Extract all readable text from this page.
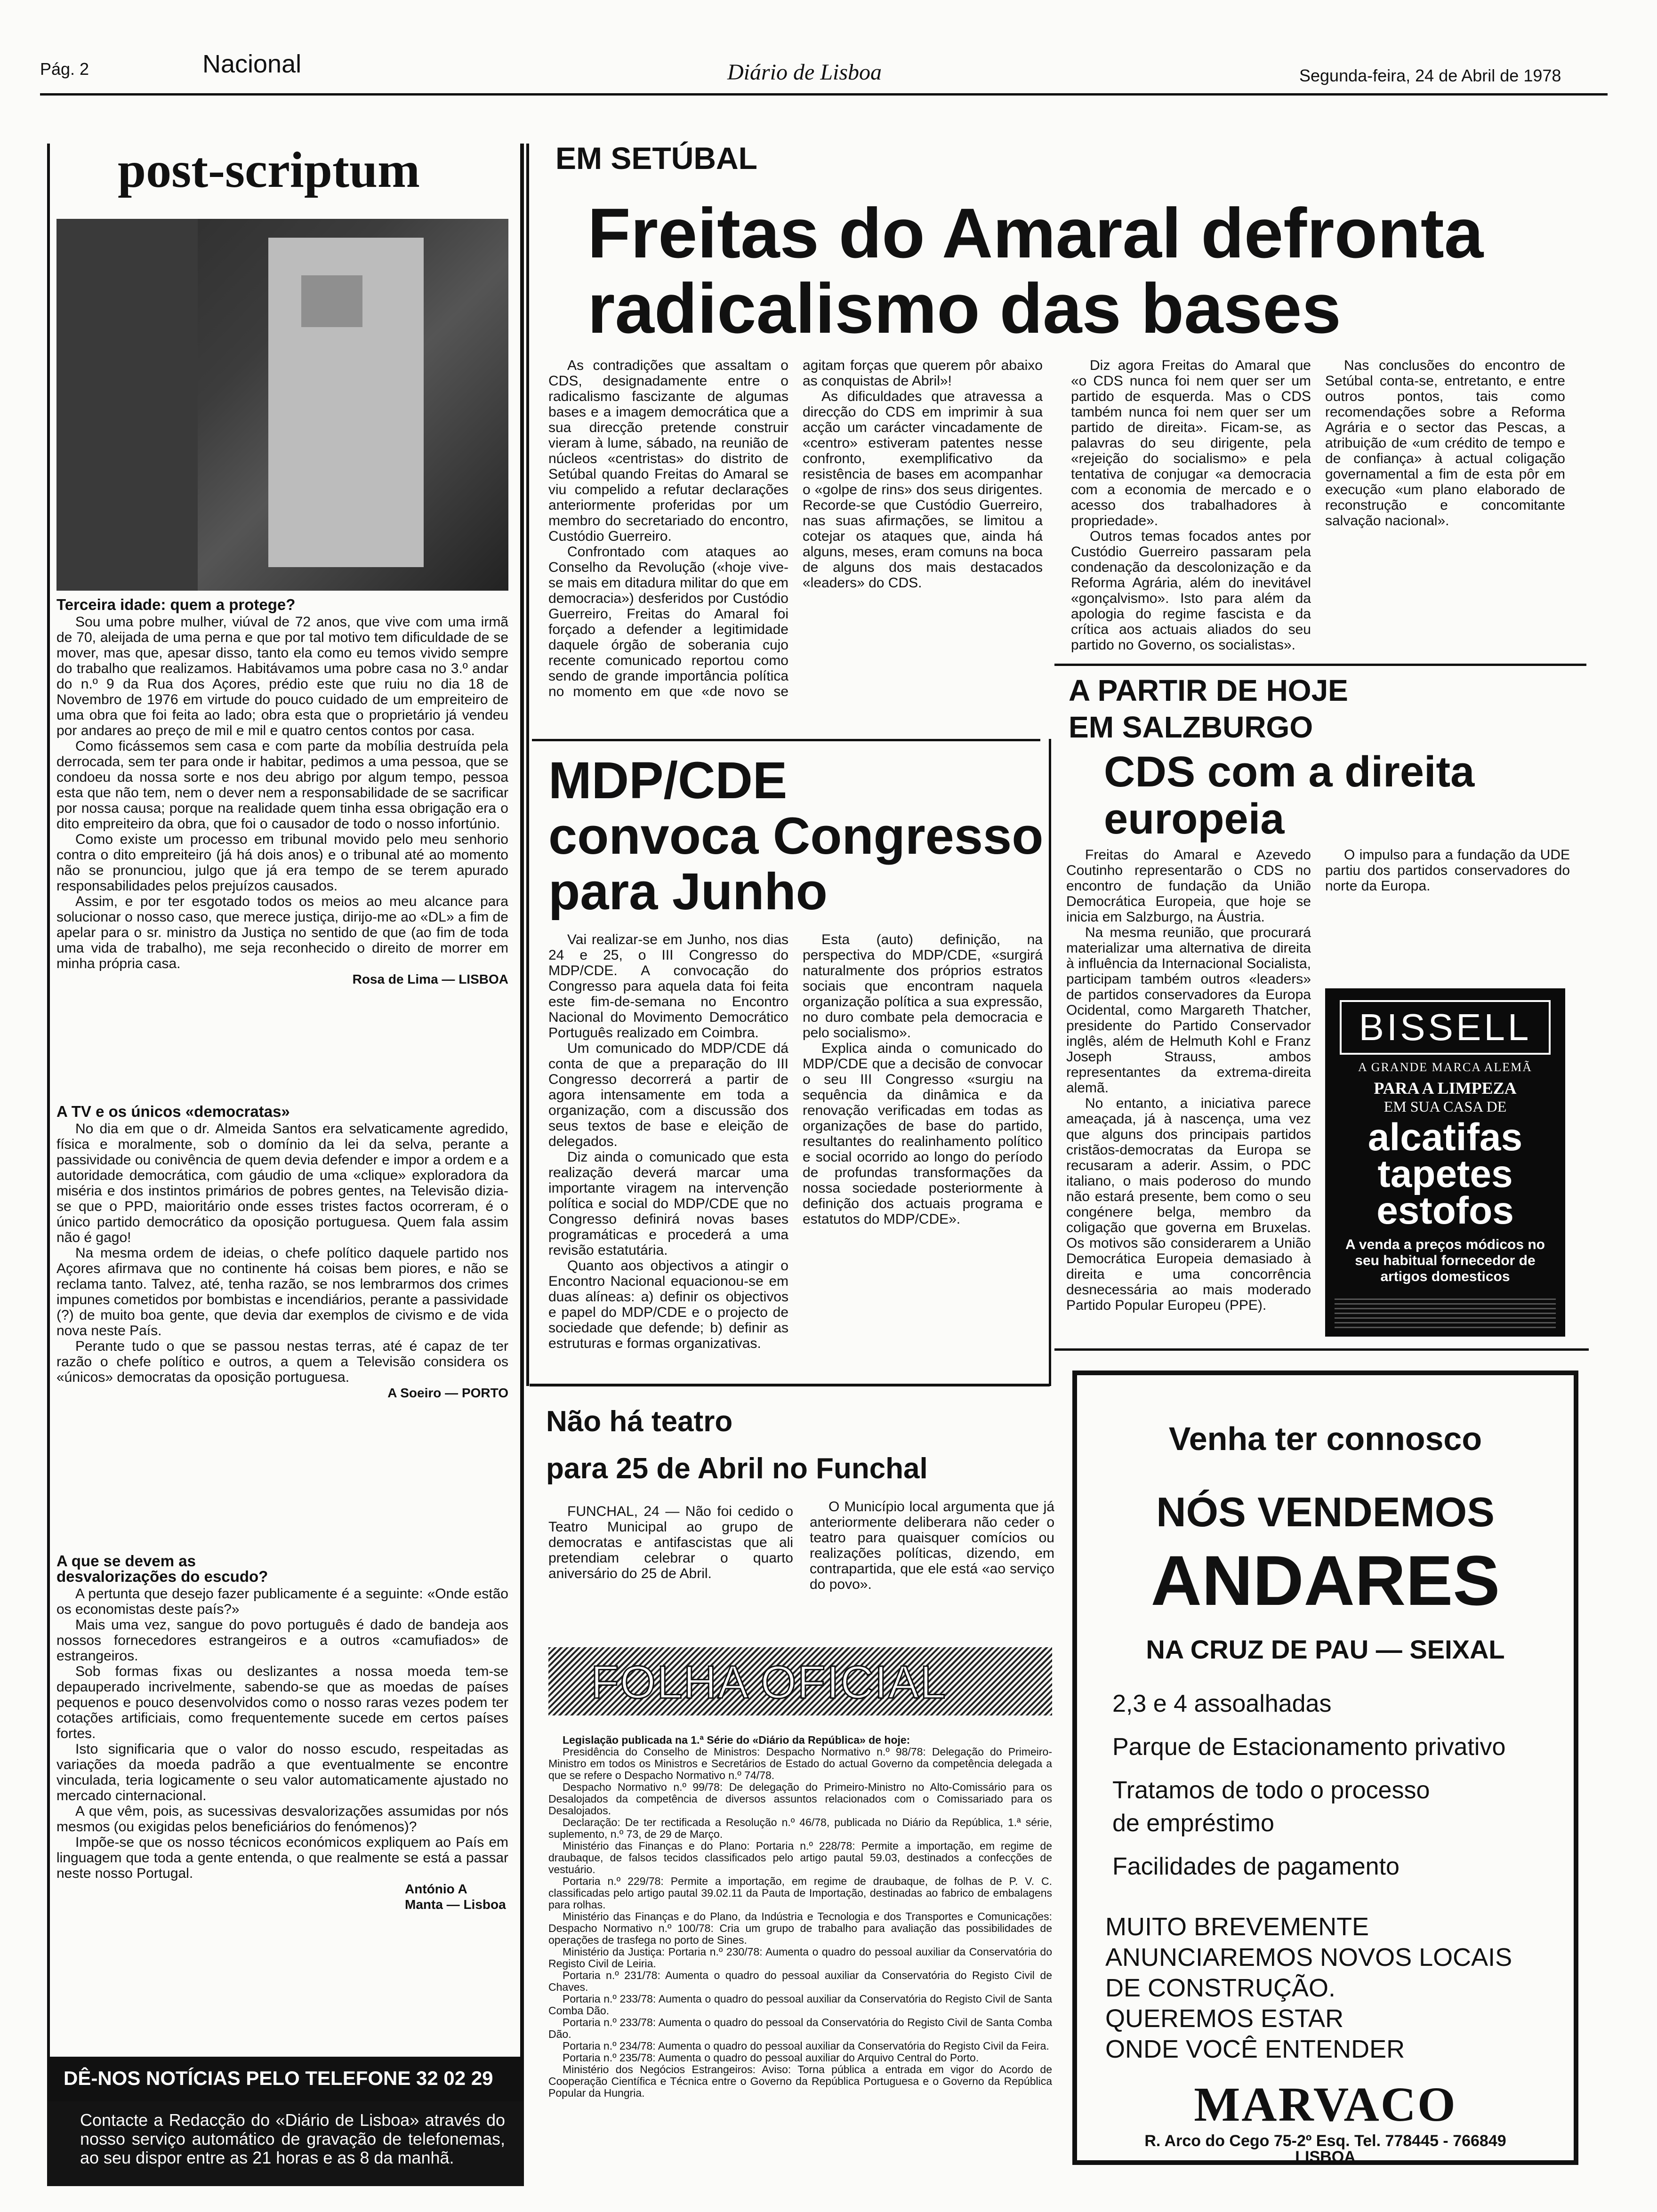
Pág. 2	Nacional	Diário de Lisboa	Segunda-feira, 24 de Abril de 1978
post-scriptum
Terceira idade: quem a protege?

Sou uma pobre mulher, viúval de 72 anos, que vive com uma irmã de 70, aleijada de uma perna e que por tal motivo tem dificuldade de se mover, mas que, apesar disso, tanto ela como eu temos vivido sempre do trabalho que realizamos. Habitávamos uma pobre casa no 3.º andar do n.º 9 da Rua dos Açores, prédio este que ruiu no dia 18 de Novembro de 1976 em virtude do pouco cuidado de um empreiteiro de uma obra que foi feita ao lado; obra esta que o proprietário já vendeu por andares ao preço de mil e mil e quatro centos contos por casa.

Como ficássemos sem casa e com parte da mobília destruída pela derrocada, sem ter para onde ir habitar, pedimos a uma pessoa, que se condoeu da nossa sorte e nos deu abrigo por algum tempo, pessoa esta que não tem, nem o dever nem a responsabilidade de se sacrificar por nossa causa; porque na realidade quem tinha essa obrigação era o dito empreiteiro da obra, que foi o causador de todo o nosso infortúnio.

Como existe um processo em tribunal movido pelo meu senhorio contra o dito empreiteiro (já há dois anos) e o tribunal até ao momento não se pronunciou, julgo que já era tempo de se terem apurado responsabilidades pelos prejuízos causados.

Assim, e por ter esgotado todos os meios ao meu alcance para solucionar o nosso caso, que merece justiça, dirijo-me ao «DL» a fim de apelar para o sr. ministro da Justiça no sentido de que (ao fim de toda uma vida de trabalho), me seja reconhecido o direito de morrer em minha própria casa.

Rosa de Lima — LISBOA
A TV e os únicos «democratas»

No dia em que o dr. Almeida Santos era selvaticamente agredido, física e moralmente, sob o domínio da lei da selva, perante a passividade ou conivência de quem devia defender e impor a ordem e a autoridade democrática, com gáudio de uma «clique» exploradora da miséria e dos instintos primários de pobres gentes, na Televisão dizia-se que o PPD, maioritário onde esses tristes factos ocorreram, é o único partido democrático da oposição portuguesa. Quem fala assim não é gago!

Na mesma ordem de ideias, o chefe político daquele partido nos Açores afirmava que no continente há coisas bem piores, e não se reclama tanto. Talvez, até, tenha razão, se nos lembrarmos dos crimes impunes cometidos por bombistas e incendiários, perante a passividade (?) de muito boa gente, que devia dar exemplos de civismo e de vida nova neste País.

Perante tudo o que se passou nestas terras, até é capaz de ter razão o chefe político e outros, a quem a Televisão considera os «únicos» democratas da oposição portuguesa.

A Soeiro — PORTO
A que se devem as desvalorizações do escudo?

A pertunta que desejo fazer publicamente é a seguinte: «Onde estão os economistas deste país?»

Mais uma vez, sangue do povo português é dado de bandeja aos nossos fornecedores estrangeiros e a outros «camufiados» de estrangeiros.

Sob formas fixas ou deslizantes a nossa moeda tem-se depauperado incrivelmente, sabendo-se que as moedas de países pequenos e pouco desenvolvidos como o nosso raras vezes podem ter cotações artificiais, como frequentemente sucede em certos países fortes.

Isto significaria que o valor do nosso escudo, respeitadas as variações da moeda padrão a que eventualmente se encontre vinculada, teria logicamente o seu valor automaticamente ajustado no mercado cinternacional.

A que vêm, pois, as sucessivas desvalorizações assumidas por nós mesmos (ou exigidas pelos beneficiários do fenómenos)?

Impõe-se que os nosso técnicos económicos expliquem ao País em linguagem que toda a gente entenda, o que realmente se está a passar neste nosso Portugal.

António A Manta — Lisboa
DÊ-NOS NOTÍCIAS PELO TELEFONE 32 02 29
Contacte a Redacção do «Diário de Lisboa» através do nosso serviço automático de gravação de telefonemas, ao seu dispor entre as 21 horas e as 8 da manhã.
EM SETÚBAL
Freitas do Amaral defronta
radicalismo das bases

As contradições que assaltam o CDS, designadamente entre o radicalismo fascizante de algumas bases e a imagem democrática que a sua direcção pretende construir vieram à lume, sábado, na reunião de núcleos «centristas» do distrito de Setúbal quando Freitas do Amaral se viu compelido a refutar declarações anteriormente proferidas por um membro do secretariado do encontro, Custódio Guerreiro.

Confrontado com ataques ao Conselho da Revolução («hoje vive-se mais em ditadura militar do que em democracia») desferidos por Custódio Guerreiro, Freitas do Amaral foi forçado a defender a legitimidade daquele órgão de soberania cujo recente comunicado reportou como sendo de grande importância política no momento em que «de novo se agitam forças que querem pôr abaixo as conquistas de Abril»!

As dificuldades que atravessa a direcção do CDS em imprimir à sua acção um carácter vincadamente de «centro» estiveram patentes nesse confronto, exemplificativo da resistência de bases em acompanhar o «golpe de rins» dos seus dirigentes. Recorde-se que Custódio Guerreiro, nas suas afirmações, se limitou a cotejar os ataques que, ainda há alguns, meses, eram comuns na boca de alguns dos mais destacados «leaders» do CDS.

Diz agora Freitas do Amaral que «o CDS nunca foi nem quer ser um partido de esquerda. Mas o CDS também nunca foi nem quer ser um partido de direita». Ficam-se, as palavras do seu dirigente, pela «rejeição do socialismo» e pela tentativa de conjugar «a democracia com a economia de mercado e o acesso dos trabalhadores à propriedade».

Outros temas focados antes por Custódio Guerreiro passaram pela condenação da descolonização e da Reforma Agrária, além do inevitável «gonçalvismo». Isto para além da apologia do regime fascista e da crítica aos actuais aliados do seu partido no Governo, os socialistas».

Nas conclusões do encontro de Setúbal conta-se, entretanto, e entre outros pontos, tais como recomendações sobre a Reforma Agrária e o sector das Pescas, a atribuição de «um crédito de tempo e de confiança» à actual coligação governamental a fim de esta pôr em execução «um plano elaborado de reconstrução e concomitante salvação nacional».

MDP/CDE
convoca Congresso
para Junho

Vai realizar-se em Junho, nos dias 24 e 25, o III Congresso do MDP/CDE. A convocação do Congresso para aquela data foi feita este fim-de-semana no Encontro Nacional do Movimento Democrático Português realizado em Coimbra.

Um comunicado do MDP/CDE dá conta de que a preparação do III Congresso decorrerá a partir de agora intensamente em toda a organização, com a discussão dos seus textos de base e eleição de delegados.

Diz ainda o comunicado que esta realização deverá marcar uma importante viragem na intervenção política e social do MDP/CDE que no Congresso definirá novas bases programáticas e procederá a uma revisão estatutária.

Quanto aos objectivos a atingir o Encontro Nacional equacionou-se em duas alíneas: a) definir os objectivos e papel do MDP/CDE e o projecto de sociedade que defende; b) definir as estruturas e formas organizativas.

Esta (auto) definição, na perspectiva do MDP/CDE, «surgirá naturalmente dos próprios estratos sociais que encontram naquela organização política a sua expressão, no duro combate pela democracia e pelo socialismo».

Explica ainda o comunicado do MDP/CDE que a decisão de convocar o seu III Congresso «surgiu na sequência da dinâmica e da renovação verificadas em todas as organizações de base do partido, resultantes do realinhamento político e social ocorrido ao longo do período de profundas transformações da nossa sociedade posteriormente à definição dos actuais programa e estatutos do MDP/CDE».

A PARTIR DE HOJE
EM SALZBURGO
CDS com a direita
europeia

Freitas do Amaral e Azevedo Coutinho representarão o CDS no encontro de fundação da União Democrática Europeia, que hoje se inicia em Salzburgo, na Áustria.

Na mesma reunião, que procurará materializar uma alternativa de direita à influência da Internacional Socialista, participam também outros «leaders» de partidos conservadores da Europa Ocidental, como Margareth Thatcher, presidente do Partido Conservador inglês, além de Helmuth Kohl e Franz Joseph Strauss, ambos representantes da extrema-direita alemã.

No entanto, a iniciativa parece ameaçada, já à nascença, uma vez que alguns dos principais partidos cristãos-democratas da Europa se recusaram a aderir. Assim, o PDC italiano, o mais poderoso do mundo não estará presente, bem como o seu congénere belga, membro da coligação que governa em Bruxelas. Os motivos são considerarem a União Democrática Europeia demasiado à direita e uma concorrência desnecessária ao mais moderado Partido Popular Europeu (PPE).

O impulso para a fundação da UDE partiu dos partidos conservadores do norte da Europa.

BISSELL
A GRANDE MARCA ALEMÃ
PARA A LIMPEZA
EM SUA CASA DE
alcatifas
tapetes
estofos
A venda a preços módicos no seu habitual fornecedor de artigos domesticos
Não há teatro
para 25 de Abril no Funchal

FUNCHAL, 24 — Não foi cedido o Teatro Municipal ao grupo de democratas e antifascistas que ali pretendiam celebrar o quarto aniversário do 25 de Abril.

O Município local argumenta que já anteriormente deliberara não ceder o teatro para quaisquer comícios ou realizações políticas, dizendo, em contrapartida, que ele está «ao serviço do povo».

FOLHA OFICIAL
Legislação publicada na 1.ª Série do «Diário da República» de hoje:
Presidência do Conselho de Ministros: Despacho Normativo n.º 98/78: Delegação do Primeiro-Ministro em todos os Ministros e Secretários de Estado do actual Governo da competência delegada a que se refere o Despacho Normativo n.º 74/78.
Despacho Normativo n.º 99/78: De delegação do Primeiro-Ministro no Alto-Comissário para os Desalojados da competência de diversos assuntos relacionados com o Comissariado para os Desalojados.
Declaração: De ter rectificada a Resolução n.º 46/78, publicada no Diário da República, 1.ª série, suplemento, n.º 73, de 29 de Março.
Ministério das Finanças e do Plano: Portaria n.º 228/78: Permite a importação, em regime de draubaque, de falsos tecidos classificados pelo artigo pautal 59.03, destinados a confecções de vestuário.
Portaria n.º 229/78: Permite a importação, em regime de draubaque, de folhas de P. V. C. classificadas pelo artigo pautal 39.02.11 da Pauta de Importação, destinadas ao fabrico de embalagens para rolhas.
Ministério das Finanças e do Plano, da Indústria e Tecnologia e dos Transportes e Comunicações: Despacho Normativo n.º 100/78: Cria um grupo de trabalho para avaliação das possibilidades de operações de trasfega no porto de Sines.
Ministério da Justiça: Portaria n.º 230/78: Aumenta o quadro do pessoal auxiliar da Conservatória do Registo Civil de Leiria.
Portaria n.º 231/78: Aumenta o quadro do pessoal auxiliar da Conservatória do Registo Civil de Chaves.
Portaria n.º 233/78: Aumenta o quadro do pessoal auxiliar da Conservatória do Registo Civil de Santa Comba Dão.
Portaria n.º 233/78: Aumenta o quadro do pessoal da Conservatória do Registo Civil de Santa Comba Dão.
Portaria n.º 234/78: Aumenta o quadro do pessoal auxiliar da Conservatória do Registo Civil da Feira.
Portaria n.º 235/78: Aumenta o quadro do pessoal auxiliar do Arquivo Central do Porto.
Ministério dos Negócios Estrangeiros: Aviso: Torna pública a entrada em vigor do Acordo de Cooperação Científica e Técnica entre o Governo da República Portuguesa e o Governo da República Popular da Hungria.
Venha ter connosco
NÓS VENDEMOS
ANDARES
NA CRUZ DE PAU — SEIXAL
2,3 e 4 assoalhadas
Parque de Estacionamento privativo
Tratamos de todo o processo
de empréstimo
Facilidades de pagamento
MUITO BREVEMENTE
ANUNCIAREMOS NOVOS LOCAIS
DE CONSTRUÇÃO.
QUEREMOS ESTAR
ONDE VOCÊ ENTENDER
MARVACO
R. Arco do Cego 75-2º Esq. Tel. 778445 - 766849
LISBOA
